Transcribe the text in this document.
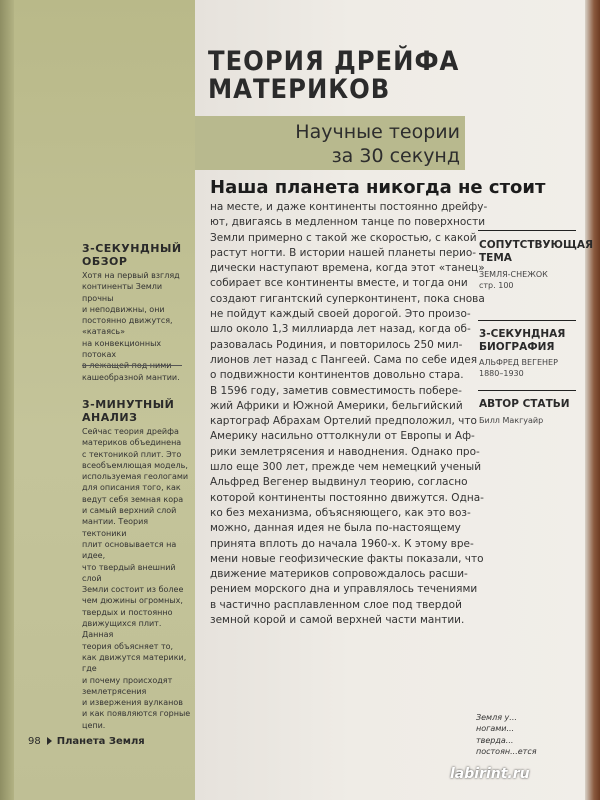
ТЕОРИЯ ДРЕЙФА
МАТЕРИКОВ

Научные теории
за 30 секунд

Наша планета никогда не стоит

на месте, и даже континенты постоянно дрейфу-
ют, двигаясь в медленном танце по поверхности
Земли примерно с такой же скоростью, с какой
растут ногти. В истории нашей планеты перио-
дически наступают времена, когда этот «танец»
собирает все континенты вместе, и тогда они
создают гигантский суперконтинент, пока снова
не пойдут каждый своей дорогой. Это произо-
шло около 1,3 миллиарда лет назад, когда об-
разовалась Родиния, и повторилось 250 мил-
лионов лет назад с Пангеей. Сама по себе идея
о подвижности континентов довольно стара.
В 1596 году, заметив совместимость побере-
жий Африки и Южной Америки, бельгийский
картограф Абрахам Ортелий предположил, что
Америку насильно оттолкнули от Европы и Аф-
рики землетрясения и наводнения. Однако про-
шло еще 300 лет, прежде чем немецкий ученый
Альфред Вегенер выдвинул теорию, согласно
которой континенты постоянно движутся. Одна-
ко без механизма, объясняющего, как это воз-
можно, данная идея не была по-настоящему
принята вплоть до начала 1960-х. К этому вре-
мени новые геофизические факты показали, что
движение материков сопровождалось расши-
рением морского дна и управлялось течениями
в частично расплавленном слое под твердой
земной корой и самой верхней части мантии.

3-СЕКУНДНЫЙ
ОБЗОР
Хотя на первый взгляд
континенты Земли прочны
и неподвижны, они
постоянно движутся,
«катаясь»
на конвекционных потоках
кашеобразной мантии.
3-МИНУТНЫЙ
АНАЛИЗ
Сейчас теория дрейфа
материков объединена
с тектоникой плит. Это
всеобъемлющая модель,
используемая геологами
для описания того, как
ведут себя земная кора
и самый верхний слой
мантии. Теория тектоники
плит основывается на идее,
что твердый внешний слой
Земли состоит из более
чем дюжины огромных,
твердых и постоянно
движущихся плит. Данная
теория объясняет то,
как движутся материки, где
и почему происходят
землетрясения
и извержения вулканов
и как появляются горные
цепи.
СОПУТСТВУЮЩАЯ
ТЕМА
ЗЕМЛЯ-СНЕЖОК
стр. 100
3-СЕКУНДНАЯ
БИОГРАФИЯ
АЛЬФРЕД ВЕГЕНЕР
1880–1930
АВТОР СТАТЬИ
Билл Макгуайр
98 Планета Земля
Земля у...
ногами...
тверда...
постоян...ется
labirint.ru
